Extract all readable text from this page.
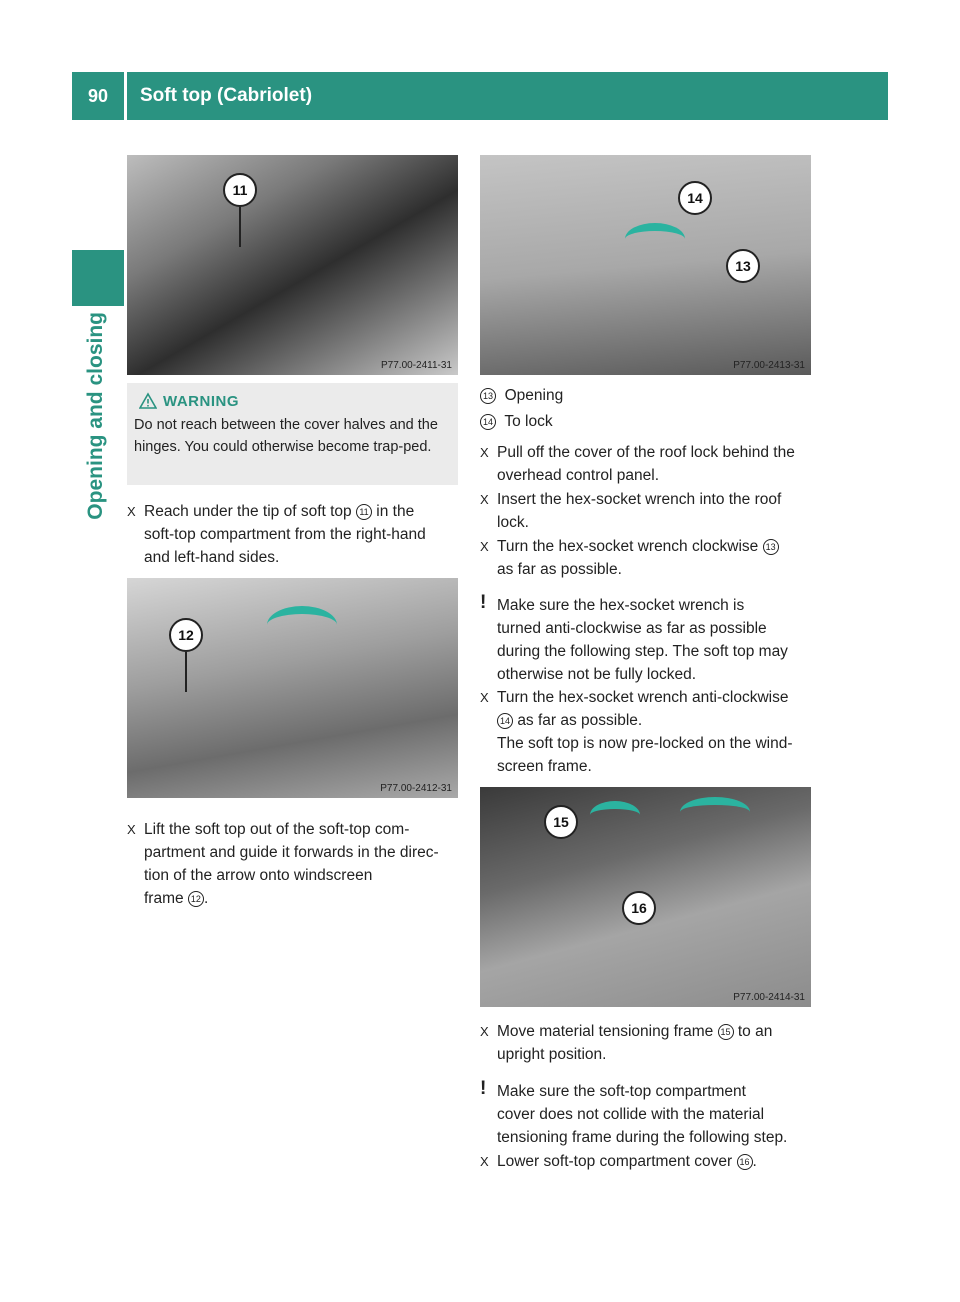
90	Soft top (Cabriolet)
Opening and closing
11
P77.00-2411-31
WARNING
Do not reach between the cover halves and the hinges. You could otherwise become trap-ped.
X Reach under the tip of soft top 11 in the
soft-top compartment from the right-hand
and left-hand sides.
12
P77.00-2412-31
X Lift the soft top out of the soft-top com-
partment and guide it forwards in the direc-
tion of the arrow onto windscreen
frame 12 .
14
13
P77.00-2413-31
13 Opening
14 To lock
X Pull off the cover of the roof lock behind the
overhead control panel.
X Insert the hex-socket wrench into the roof
lock.
X Turn the hex-socket wrench clockwise 13
as far as possible.
! Make sure the hex-socket wrench is
turned anti-clockwise as far as possible
during the following step. The soft top may
otherwise not be fully locked.
X Turn the hex-socket wrench anti-clockwise
14 as far as possible.
The soft top is now pre-locked on the wind-
screen frame.
15
16
P77.00-2414-31
X Move material tensioning frame 15 to an
upright position.
! Make sure the soft-top compartment
cover does not collide with the material
tensioning frame during the following step.
X Lower soft-top compartment cover 16 .
